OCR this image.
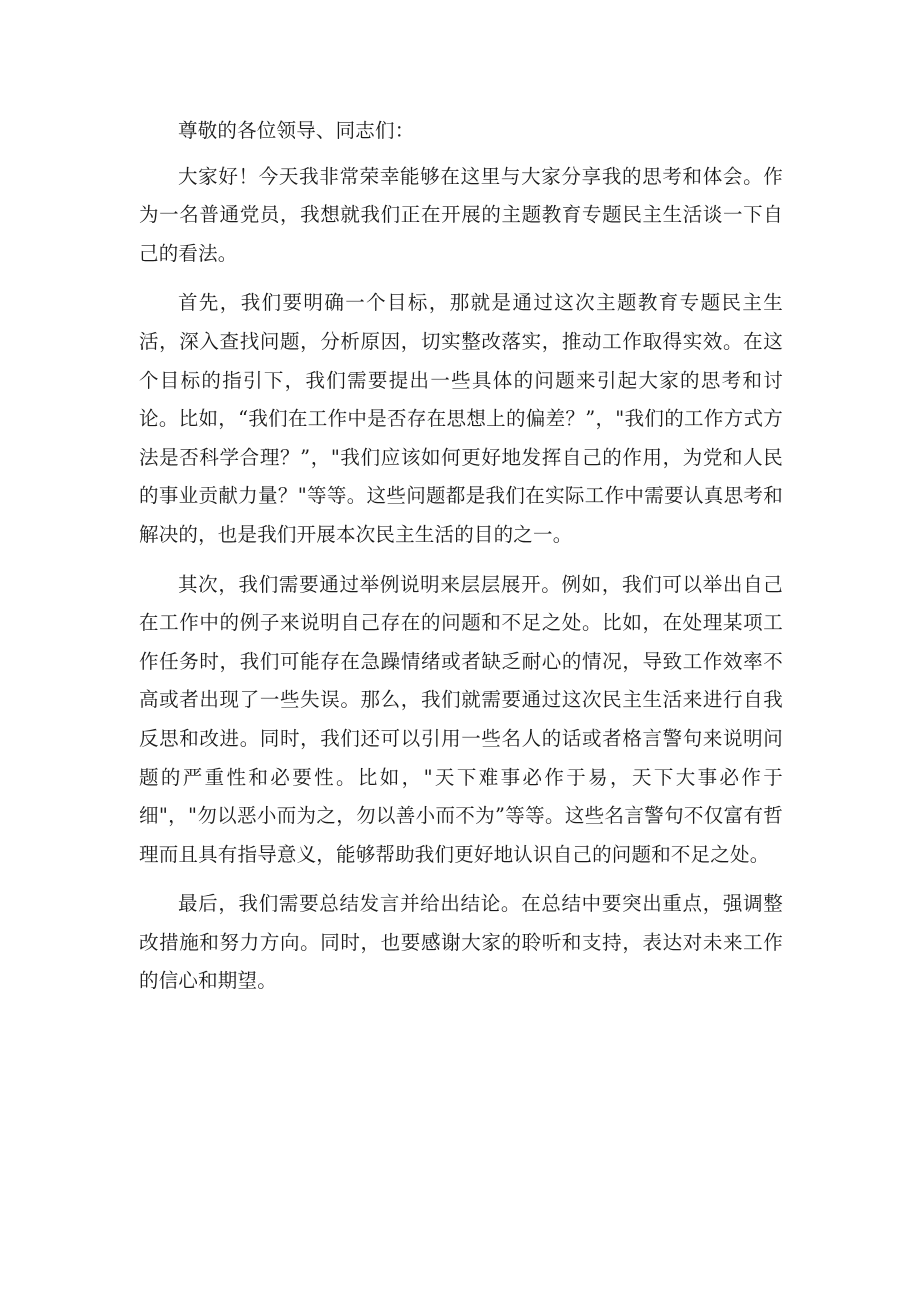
尊敬的各位领导、同志们：

大家好！今天我非常荣幸能够在这里与大家分享我的思考和体会。作为一名普通党员，我想就我们正在开展的主题教育专题民主生活谈一下自己的看法。

首先，我们要明确一个目标，那就是通过这次主题教育专题民主生活，深入查找问题，分析原因，切实整改落实，推动工作取得实效。在这个目标的指引下，我们需要提出一些具体的问题来引起大家的思考和讨论。比如，“我们在工作中是否存在思想上的偏差？”，"我们的工作方式方法是否科学合理？”，"我们应该如何更好地发挥自己的作用，为党和人民的事业贡献力量？"等等。这些问题都是我们在实际工作中需要认真思考和解决的，也是我们开展本次民主生活的目的之一。

其次，我们需要通过举例说明来层层展开。例如，我们可以举出自己在工作中的例子来说明自己存在的问题和不足之处。比如，在处理某项工作任务时，我们可能存在急躁情绪或者缺乏耐心的情况，导致工作效率不高或者出现了一些失误。那么，我们就需要通过这次民主生活来进行自我反思和改进。同时，我们还可以引用一些名人的话或者格言警句来说明问题的严重性和必要性。比如，"天下难事必作于易，天下大事必作于细"，"勿以恶小而为之，勿以善小而不为”等等。这些名言警句不仅富有哲理而且具有指导意义，能够帮助我们更好地认识自己的问题和不足之处。

最后，我们需要总结发言并给出结论。在总结中要突出重点，强调整改措施和努力方向。同时，也要感谢大家的聆听和支持，表达对未来工作的信心和期望。
